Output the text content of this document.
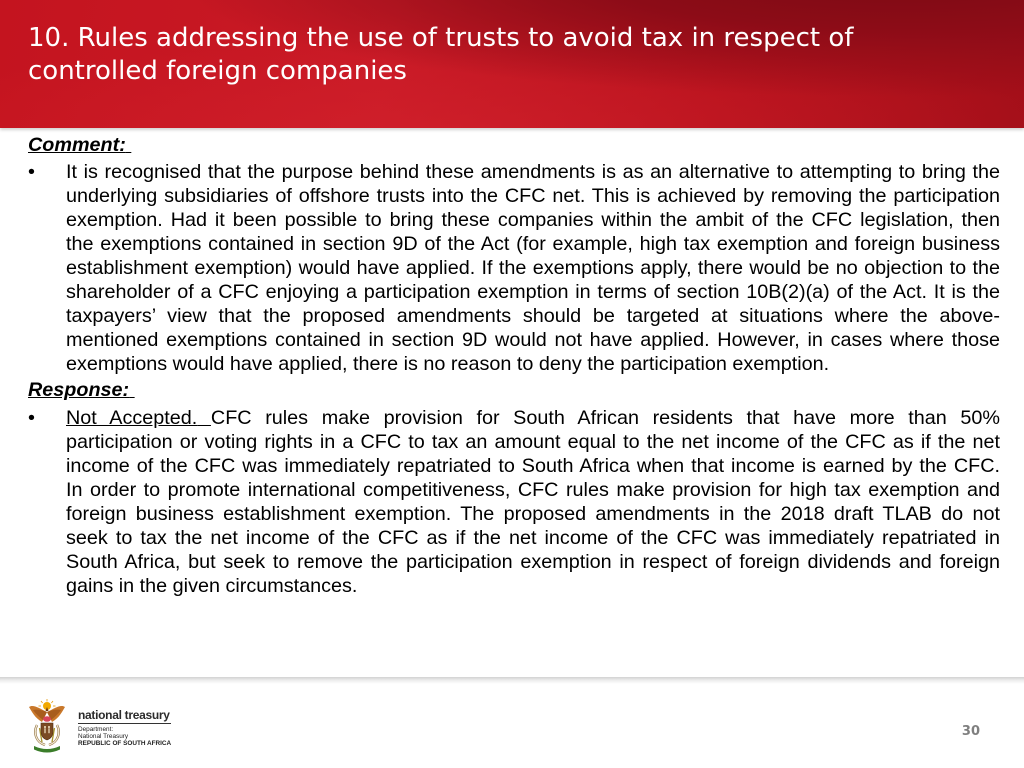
10. Rules addressing the use of trusts to avoid tax in respect of controlled foreign companies
Comment:
• It is recognised that the purpose behind these amendments is as an alternative to attempting to bring the
underlying subsidiaries of offshore trusts into the CFC net. This is achieved by removing the participation
exemption. Had it been possible to bring these companies within the ambit of the CFC legislation, then
the exemptions contained in section 9D of the Act (for example, high tax exemption and foreign business
establishment exemption) would have applied. If the exemptions apply, there would be no objection to the
shareholder of a CFC enjoying a participation exemption in terms of section 10B(2)(a) of the Act. It is the
taxpayers’ view that the proposed amendments should be targeted at situations where the above-
mentioned exemptions contained in section 9D would not have applied. However, in cases where those
exemptions would have applied, there is no reason to deny the participation exemption.
Response:
• Not Accepted. CFC rules make provision for South African residents that have more than 50%
participation or voting rights in a CFC to tax an amount equal to the net income of the CFC as if the net
income of the CFC was immediately repatriated to South Africa when that income is earned by the CFC.
In order to promote international competitiveness, CFC rules make provision for high tax exemption and
foreign business establishment exemption. The proposed amendments in the 2018 draft TLAB do not
seek to tax the net income of the CFC as if the net income of the CFC was immediately repatriated in
South Africa, but seek to remove the participation exemption in respect of foreign dividends and foreign
gains in the given circumstances.
national treasury
Department:
National Treasury
REPUBLIC OF SOUTH AFRICA
30
